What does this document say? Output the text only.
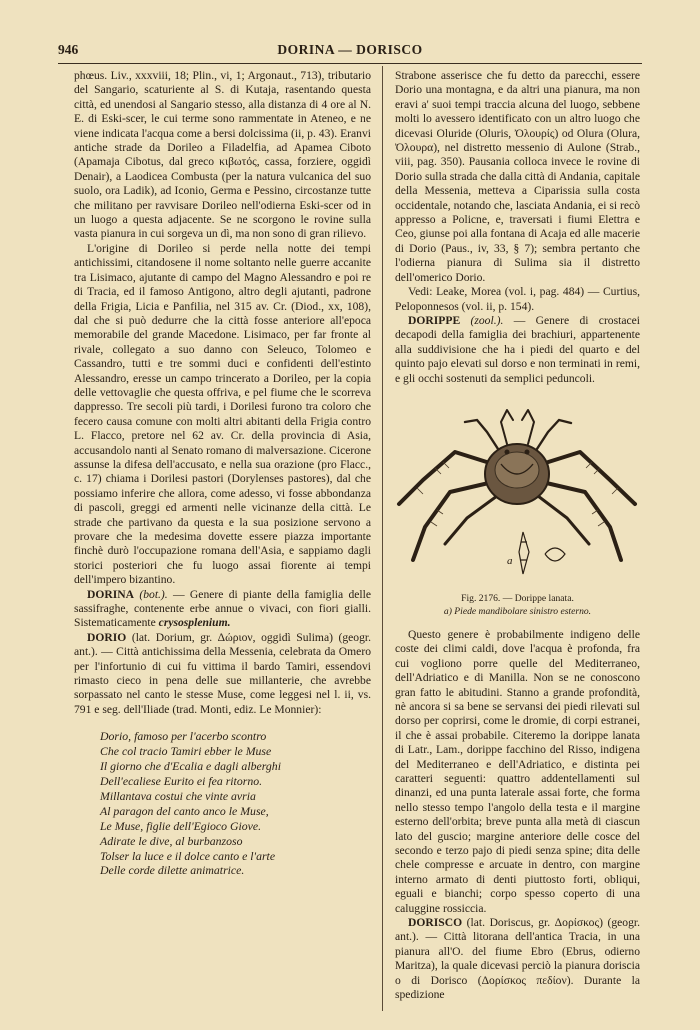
946	DORINA — DORISCO

phœus. Liv., xxxviii, 18; Plin., vi, 1; Argonaut., 713), tributario del Sangario, scaturiente al S. di Kutaja, rasentando questa città, ed unendosi al Sangario stesso, alla distanza di 4 ore al N. E. di Eski-scer, le cui terme sono rammentate in Ateneo, e ne viene indicata l'acqua come a bersi dolcissima (ii, p. 43). Eranvi antiche strade da Dorileo a Filadelfia, ad Apamea Ciboto (Apamaja Cibotus, dal greco κιβωτός, cassa, forziere, oggidì Denair), a Laodicea Combusta (per la natura vulcanica del suo suolo, ora Ladik), ad Iconio, Germa e Pessino, circostanze tutte che militano per ravvisare Dorileo nell'odierna Eski-scer od in un luogo a questa adjacente. Se ne scorgono le rovine sulla vasta pianura in cui sorgeva un dì, ma non sono di gran rilievo.

L'origine di Dorileo si perde nella notte dei tempi antichissimi, citandosene il nome soltanto nelle guerre accanite tra Lisimaco, ajutante di campo del Magno Alessandro e poi re di Tracia, ed il famoso Antigono, altro degli ajutanti, padrone della Frigia, Licia e Panfilia, nel 315 av. Cr. (Diod., xx, 108), dal che si può dedurre che la città fosse anteriore all'epoca memorabile del grande Macedone. Lisimaco, per far fronte al rivale, collegato a suo danno con Seleuco, Tolomeo e Cassandro, tutti e tre sommi duci e confidenti dell'estinto Alessandro, eresse un campo trincerato a Dorileo, per la copia delle vettovaglie che questa offriva, e pel fiume che le scorreva dappresso. Tre secoli più tardi, i Dorilesi furono tra coloro che fecero causa comune con molti altri abitanti della Frigia contro L. Flacco, pretore nel 62 av. Cr. della provincia di Asia, accusandolo nanti al Senato romano di malversazione. Cicerone assunse la difesa dell'accusato, e nella sua orazione (pro Flacc., c. 17) chiama i Dorilesi pastori (Dorylenses pastores), dal che possiamo inferire che allora, come adesso, vi fosse abbondanza di pascoli, greggi ed armenti nelle vicinanze della città. Le strade che partivano da questa e la sua posizione servono a provare che la medesima dovette essere piazza importante finchè durò l'occupazione romana dell'Asia, e sappiamo dagli storici posteriori che fu luogo assai fiorente ai tempi dell'impero bizantino.

DORINA (bot.). — Genere di piante della famiglia delle sassifraghe, contenente erbe annue o vivaci, con fiori gialli. Sistematicamente crysosplenium.

DORIO (lat. Dorium, gr. Δώριον, oggidì Sulima) (geogr. ant.). — Città antichissima della Messenia, celebrata da Omero per l'infortunio di cui fu vittima il bardo Tamiri, essendovi rimasto cieco in pena delle sue millanterie, che avrebbe sorpassato nel canto le stesse Muse, come leggesi nel l. ii, vs. 791 e seg. dell'Iliade (trad. Monti, ediz. Le Monnier):

Dorio, famoso per l'acerbo scontro
Che col tracio Tamiri ebber le Muse
Il giorno che d'Ecalia e dagli alberghi
Dell'ecaliese Eurito ei fea ritorno.
Millantava costui che vinte avria
Al paragon del canto anco le Muse,
Le Muse, figlie dell'Egioco Giove.
Adirate le dive, al burbanzoso
Tolser la luce e il dolce canto e l'arte
Delle corde dilette animatrice.

Strabone asserisce che fu detto da parecchi, essere Dorio una montagna, e da altri una pianura, ma non eravi a' suoi tempi traccia alcuna del luogo, sebbene molti lo avessero identificato con un altro luogo che dicevasi Oluride (Oluris, Ὀλουρίς) od Olura (Olura, Ὀλουρα), nel distretto messenio di Aulone (Strab., viii, pag. 350). Pausania colloca invece le rovine di Dorio sulla strada che dalla città di Andania, capitale della Messenia, metteva a Ciparissia sulla costa occidentale, notando che, lasciata Andania, ei si recò appresso a Policne, e, traversati i fiumi Elettra e Ceo, giunse poi alla fontana di Acaja ed alle macerie di Dorio (Paus., iv, 33, § 7); sembra pertanto che l'odierna pianura di Sulima sia il distretto dell'omerico Dorio.

Vedi: Leake, Morea (vol. i, pag. 484) — Curtius, Peloponnesos (vol. ii, p. 154).

DORIPPE (zool.). — Genere di crostacei decapodi della famiglia dei brachiuri, appartenente alla suddivisione che ha i piedi del quarto e del quinto pajo elevati sul dorso e non terminati in remi, e gli occhi sostenuti da semplici peduncoli.

a
Fig. 2176. — Dorippe lanata.
a) Piede mandibolare sinistro esterno.

Questo genere è probabilmente indigeno delle coste dei climi caldi, dove l'acqua è profonda, fra cui vogliono porre quelle del Mediterraneo, dell'Adriatico e di Manilla. Non se ne conoscono gran fatto le abitudini. Stanno a grande profondità, nè ancora si sa bene se servansi dei piedi rilevati sul dorso per coprirsi, come le dromie, di corpi estranei, il che è assai probabile. Citeremo la dorippe lanata di Latr., Lam., dorippe facchino del Risso, indigena del Mediterraneo e dell'Adriatico, e distinta pei caratteri seguenti: quattro addentellamenti sul dinanzi, ed una punta laterale assai forte, che forma nello stesso tempo l'angolo della testa e il margine esterno dell'orbita; breve punta alla metà di ciascun lato del guscio; margine anteriore delle cosce del secondo e terzo pajo di piedi senza spine; dita delle chele compresse e arcuate in dentro, con margine interno armato di denti piuttosto forti, obliqui, eguali e bianchi; corpo spesso coperto di una caluggine rossiccia.

DORISCO (lat. Doriscus, gr. Δορίσκος) (geogr. ant.). — Città litorana dell'antica Tracia, in una pianura all'O. del fiume Ebro (Ebrus, odierno Maritza), la quale dicevasi perciò la pianura doriscia o di Dorisco (Δορίσκος πεδίον). Durante la spedizione
